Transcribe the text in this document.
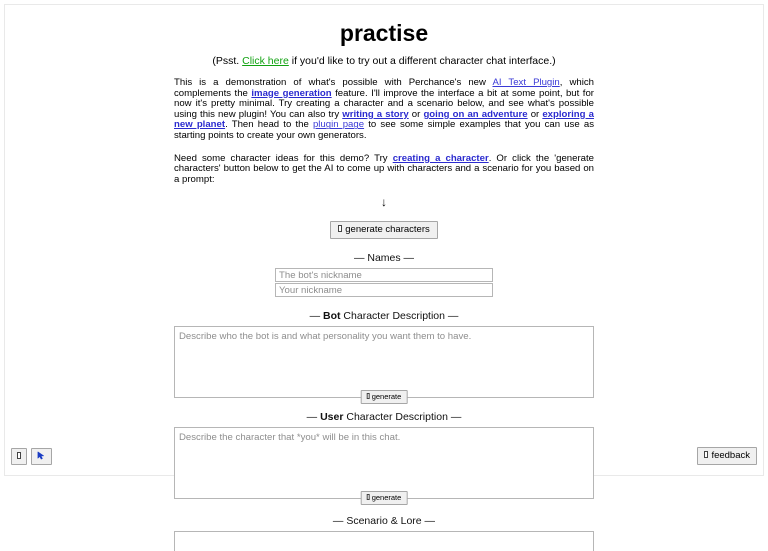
practise
(Psst. Click here if you'd like to try out a different character chat interface.)

This is a demonstration of what's possible with Perchance's new AI Text Plugin, which complements the image generation feature. I'll improve the interface a bit at some point, but for now it's pretty minimal. Try creating a character and a scenario below, and see what's possible using this new plugin! You can also try writing a story or going on an adventure or exploring a new planet. Then head to the plugin page to see some simple examples that you can use as starting points to create your own generators.

Need some character ideas for this demo? Try creating a character. Or click the 'generate characters' button below to get the AI to come up with characters and a scenario for you based on a prompt:

↓
generate characters
— Names —
The bot's nickname
Your nickname
— Bot Character Description —
Describe who the bot is and what personality you want them to have.
generate
— User Character Description —
Describe the character that *you* will be in this chat.
generate
— Scenario & Lore —
feedback
